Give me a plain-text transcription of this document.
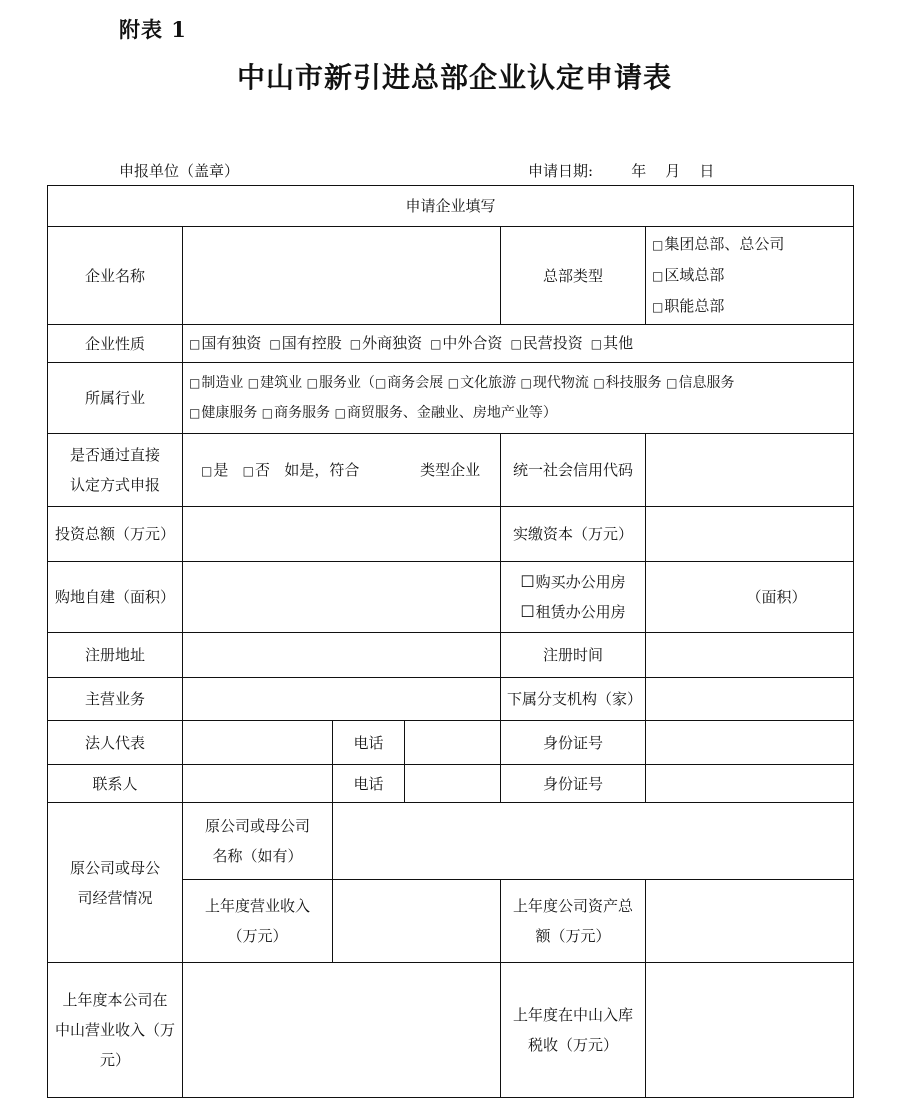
附表 1
中山市新引进总部企业认定申请表
申报单位（盖章）	申请日期:        年    月    日
申请企业填写					
企业名称				总部类型	□集团总部、总公司
□区域总部
□职能总部

企业性质	□国有独资 □国有控股 □外商独资 □中外合资 □民营投资 □其他				
所属行业	□制造业 □建筑业 □服务业（□商务会展 □文化旅游 □现代物流 □科技服务 □信息服务
□健康服务 □商务服务 □商贸服务、金融业、房地产业等）				

是否通过直接
认定方式申报	□是 □否 如是，符合 类型企业			统一社会信用代码	
投资总额（万元）				实缴资本（万元）	
购地自建（面积）				☐购买办公用房
☐租赁办公用房	（面积）
注册地址				注册时间	
主营业务				下属分支机构（家）	
法人代表		电话		身份证号	
联系人		电话		身份证号	

原公司或母公
司经营情况	原公司或母公司
名称（如有）				

	上年度营业收入
（万元）			上年度公司资产总
额（万元）	

上年度本公司在
中山营业收入（万
元）				上年度在中山入库
税收（万元）	
